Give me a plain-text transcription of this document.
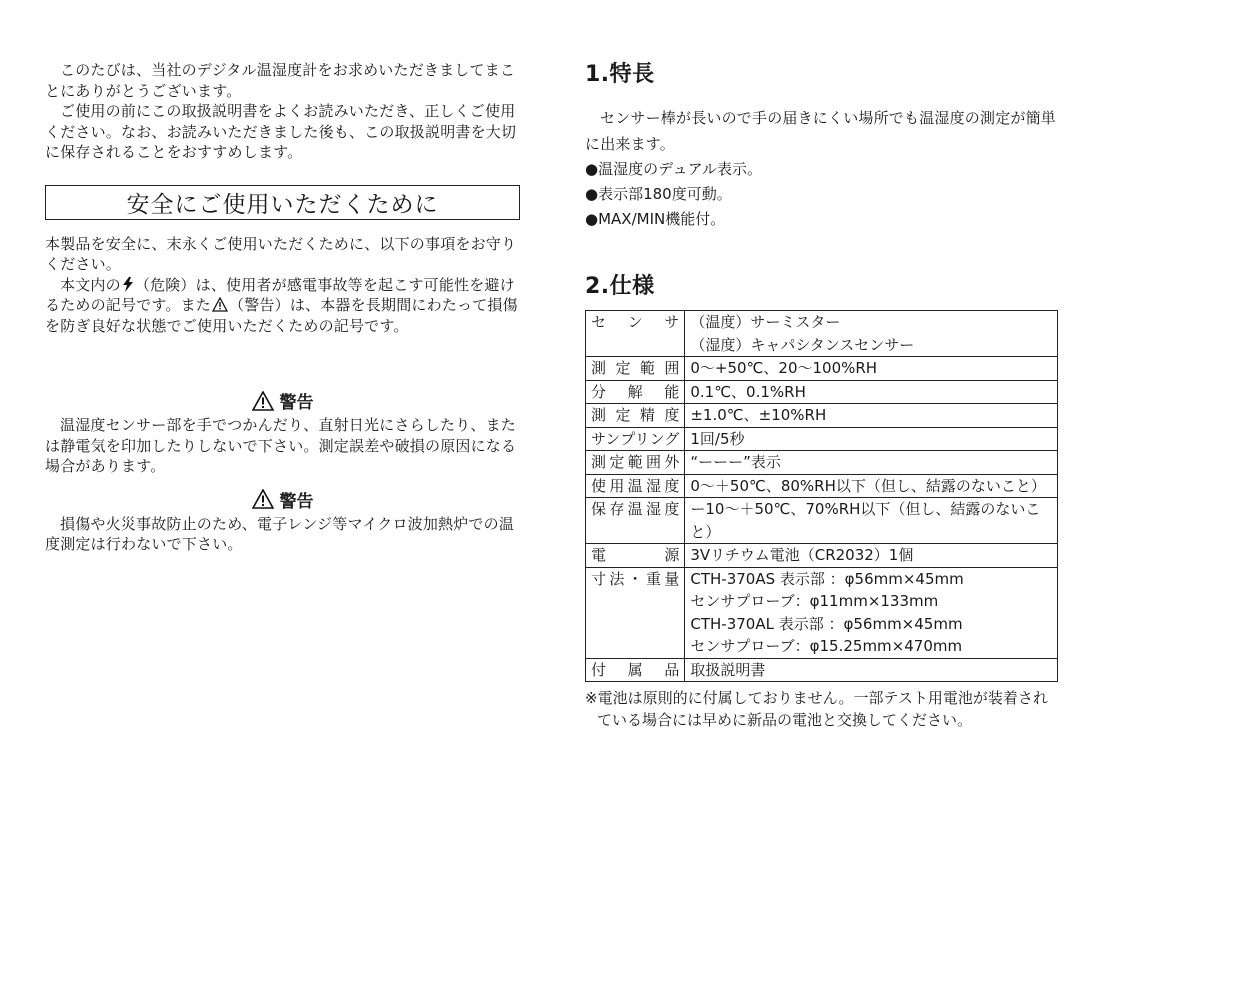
このたびは、当社のデジタル温湿度計をお求めいただきましてまことにありがとうございます。

ご使用の前にこの取扱説明書をよくお読みいただき、正しくご使用ください。なお、お読みいただきました後も、この取扱説明書を大切に保存されることをおすすめします。

安全にご使用いただくために

本製品を安全に、末永くご使用いただくために、以下の事項をお守りください。

本文内の （危険）は、使用者が感電事故等を起こす可能性を避けるための記号です。また （警告）は、本器を長期間にわたって損傷を防ぎ良好な状態でご使用いただくための記号です。

警告

温湿度センサー部を手でつかんだり、直射日光にさらしたり、または静電気を印加したりしないで下さい。測定誤差や破損の原因になる場合があります。

警告

損傷や火災事故防止のため、電子レンジ等マイクロ波加熱炉での温度測定は行わないで下さい。

1.特長

センサー棒が長いので手の届きにくい場所でも温湿度の測定が簡単に出来ます。

●温湿度のデュアル表示。
●表示部180度可動。
●MAX/MIN機能付。
2.仕様
センサ	（温度）サーミスター
（湿度）キャパシタンスセンサー

測定範囲	0〜+50℃、20〜100%RH

分解能	0.1℃、0.1%RH

測定精度	±1.0℃、±10%RH

サンプリング	1回/5秒

測定範囲外	“ーーー”表示

使用温湿度	0〜＋50℃、80%RH以下（但し、結露のないこと）

保存温湿度	ー10〜＋50℃、70%RH以下（但し、結露のないこと）

電源	3Vリチウム電池（CR2032）1個

寸法・重量	CTH-370AS 表示部 ：φ56mm×45mm
センサプローブ：φ11mm×133mm
CTH-370AL 表示部 ：φ56mm×45mm
センサプローブ：φ15.25mm×470mm

付属品	取扱説明書
※電池は原則的に付属しておりません。一部テスト用電池が装着され
ている場合には早めに新品の電池と交換してください。
